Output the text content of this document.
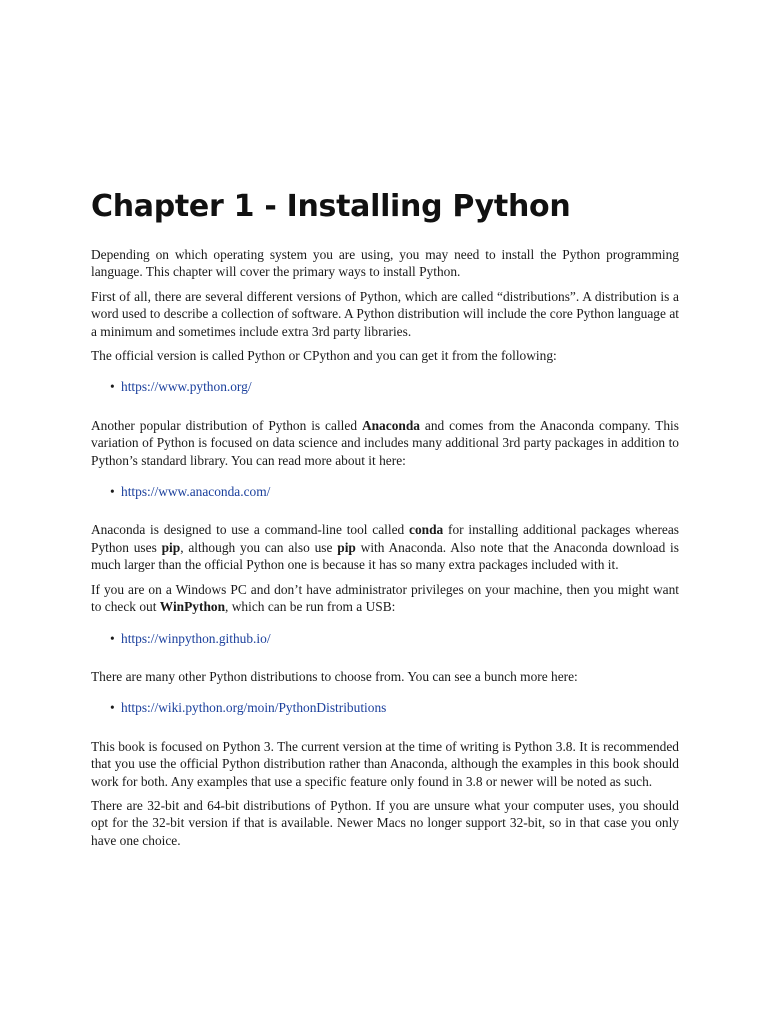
Chapter 1 - Installing Python

Depending on which operating system you are using, you may need to install the Python programming language. This chapter will cover the primary ways to install Python.

First of all, there are several different versions of Python, which are called “distributions”. A distribution is a word used to describe a collection of software. A Python distribution will include the core Python language at a minimum and sometimes include extra 3rd party libraries.

The official version is called Python or CPython and you can get it from the following:

• https://www.python.org/

Another popular distribution of Python is called Anaconda and comes from the Anaconda company. This variation of Python is focused on data science and includes many additional 3rd party packages in addition to Python’s standard library. You can read more about it here:

• https://www.anaconda.com/

Anaconda is designed to use a command-line tool called conda for installing additional packages whereas Python uses pip, although you can also use pip with Anaconda. Also note that the Anaconda download is much larger than the official Python one is because it has so many extra packages included with it.

If you are on a Windows PC and don’t have administrator privileges on your machine, then you might want to check out WinPython, which can be run from a USB:

• https://winpython.github.io/

There are many other Python distributions to choose from. You can see a bunch more here:

• https://wiki.python.org/moin/PythonDistributions

This book is focused on Python 3. The current version at the time of writing is Python 3.8. It is recommended that you use the official Python distribution rather than Anaconda, although the examples in this book should work for both. Any examples that use a specific feature only found in 3.8 or newer will be noted as such.

There are 32-bit and 64-bit distributions of Python. If you are unsure what your computer uses, you should opt for the 32-bit version if that is available. Newer Macs no longer support 32-bit, so in that case you only have one choice.
